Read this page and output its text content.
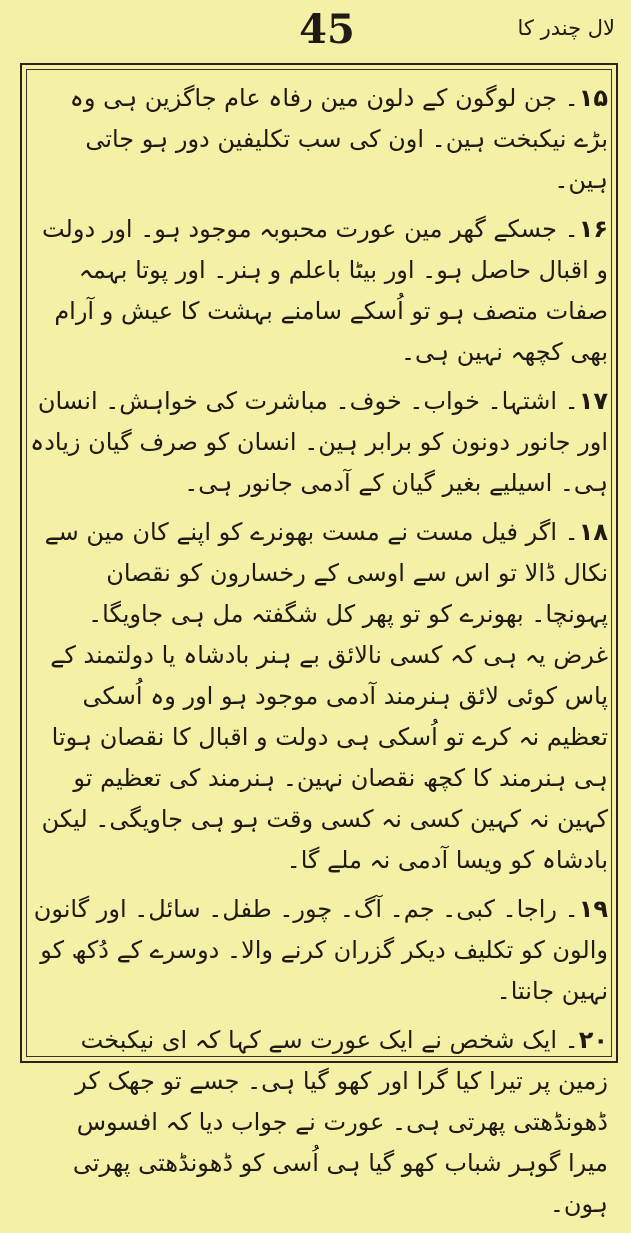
45	لال چندر کا

۱۵۔ جن لوگون کے دلون مین رفاہ عام جاگزین ہی وہ بڑے نیکبخت ہین۔ اون کی سب تکلیفین دور ہو جاتی ہین۔

۱۶۔ جسکے گھر مین عورت محبوبہ موجود ہو۔ اور دولت و اقبال حاصل ہو۔ اور بیٹا باعلم و ہنر۔ اور پوتا بہمہ صفات متصف ہو تو اُسکے سامنے بہشت کا عیش و آرام بھی کچھہ نہین ہی۔

۱۷۔ اشتہا۔ خواب۔ خوف۔ مباشرت کی خواہش۔ انسان اور جانور دونون کو برابر ہین۔ انسان کو صرف گیان زیادہ ہی۔ اسیلیے بغیر گیان کے آدمی جانور ہی۔

۱۸۔ اگر فیل مست نے مست بھونرے کو اپنے کان مین سے نکال ڈالا تو اس سے اوسی کے رخسارون کو نقصان پہونچا۔ بھونرے کو تو پھر کل شگفتہ مل ہی جاویگا۔ غرض یہ ہی کہ کسی نالائق بے ہنر بادشاہ یا دولتمند کے پاس کوئی لائق ہنرمند آدمی موجود ہو اور وہ اُسکی تعظیم نہ کرے تو اُسکی ہی دولت و اقبال کا نقصان ہوتا ہی ہنرمند کا کچھ نقصان نہین۔ ہنرمند کی تعظیم تو کہین نہ کہین کسی نہ کسی وقت ہو ہی جاویگی۔ لیکن بادشاہ کو ویسا آدمی نہ ملے گا۔

۱۹۔ راجا۔ کبی۔ جم۔ آگ۔ چور۔ طفل۔ سائل۔ اور گانون والون کو تکلیف دیکر گزران کرنے والا۔ دوسرے کے دُکھ کو نہین جانتا۔

۲۰۔ ایک شخص نے ایک عورت سے کہا کہ ای نیکبخت زمین پر تیرا کیا گرا اور کھو گیا ہی۔ جسے تو جھک کر ڈھونڈھتی پھرتی ہی۔ عورت نے جواب دیا کہ افسوس میرا گوہر شباب کھو گیا ہی اُسی کو ڈھونڈھتی پھرتی ہون۔
